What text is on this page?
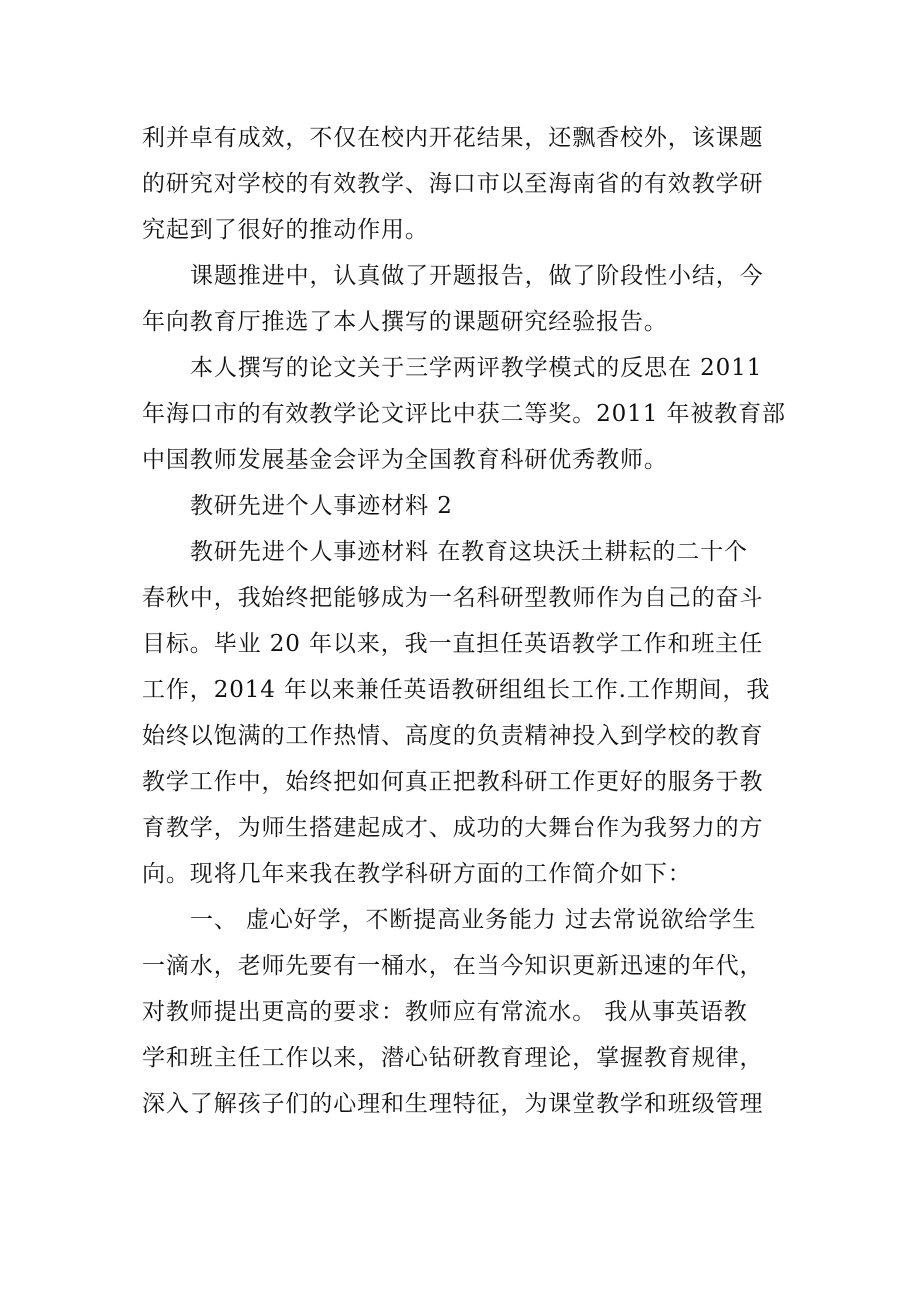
利并卓有成效，不仅在校内开花结果，还飘香校外，该课题
的研究对学校的有效教学、海口市以至海南省的有效教学研
究起到了很好的推动作用。
课题推进中，认真做了开题报告，做了阶段性小结，今
年向教育厅推选了本人撰写的课题研究经验报告。
本人撰写的论文关于三学两评教学模式的反思在 2011
年海口市的有效教学论文评比中获二等奖。2011 年被教育部
中国教师发展基金会评为全国教育科研优秀教师。
教研先进个人事迹材料 2
教研先进个人事迹材料 在教育这块沃土耕耘的二十个
春秋中，我始终把能够成为一名科研型教师作为自己的奋斗
目标。毕业 20 年以来，我一直担任英语教学工作和班主任
工作，2014 年以来兼任英语教研组组长工作.工作期间，我
始终以饱满的工作热情、高度的负责精神投入到学校的教育
教学工作中，始终把如何真正把教科研工作更好的服务于教
育教学，为师生搭建起成才、成功的大舞台作为我努力的方
向。现将几年来我在教学科研方面的工作简介如下：
一、 虚心好学，不断提高业务能力 过去常说欲给学生
一滴水，老师先要有一桶水，在当今知识更新迅速的年代，
对教师提出更高的要求：教师应有常流水。 我从事英语教
学和班主任工作以来，潜心钻研教育理论，掌握教育规律，
深入了解孩子们的心理和生理特征，为课堂教学和班级管理
